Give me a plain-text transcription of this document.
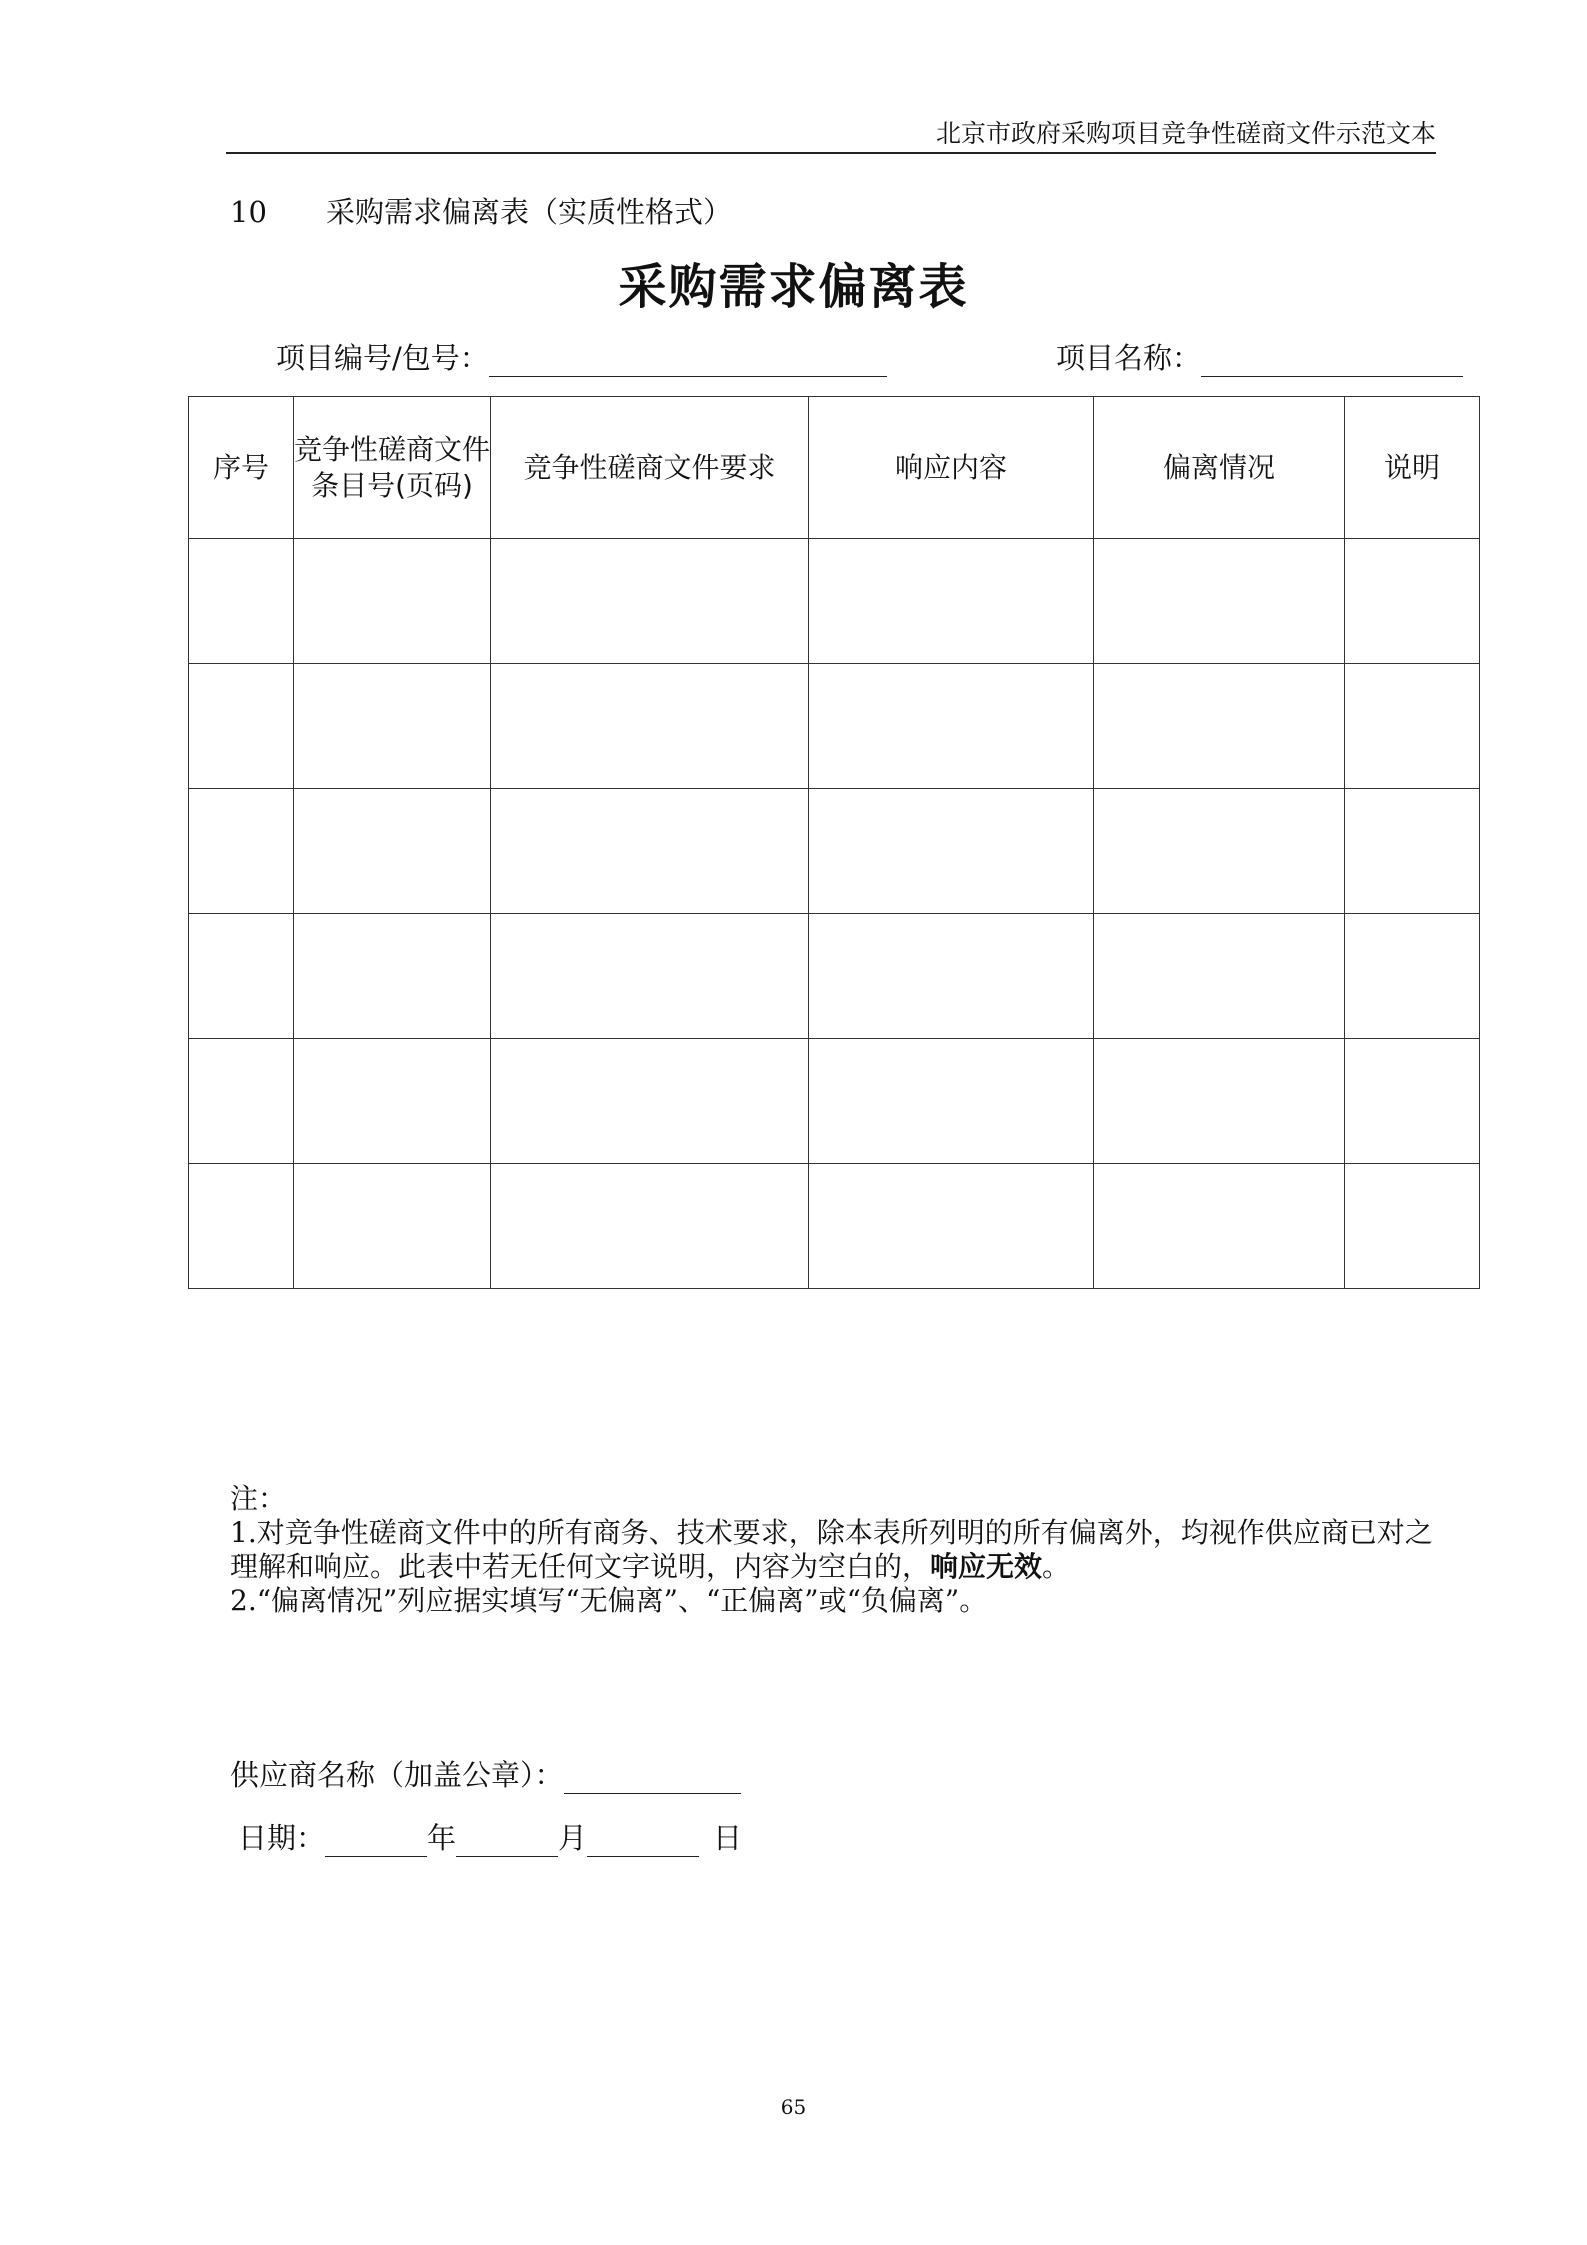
北京市政府采购项目竞争性磋商文件示范文本
10 采购需求偏离表（实质性格式）
采购需求偏离表
项目编号/包号：	项目名称：
序号	竞争性磋商文件条目号(页码)	竞争性磋商文件要求	响应内容	偏离情况	说明

注：

1.对竞争性磋商文件中的所有商务、技术要求，除本表所列明的所有偏离外，均视作供应商已对之理解和响应。此表中若无任何文字说明，内容为空白的，响应无效。

2.“偏离情况”列应据实填写“无偏离”、“正偏离”或“负偏离”。

供应商名称（加盖公章）：
日期：	年	月	日
65
